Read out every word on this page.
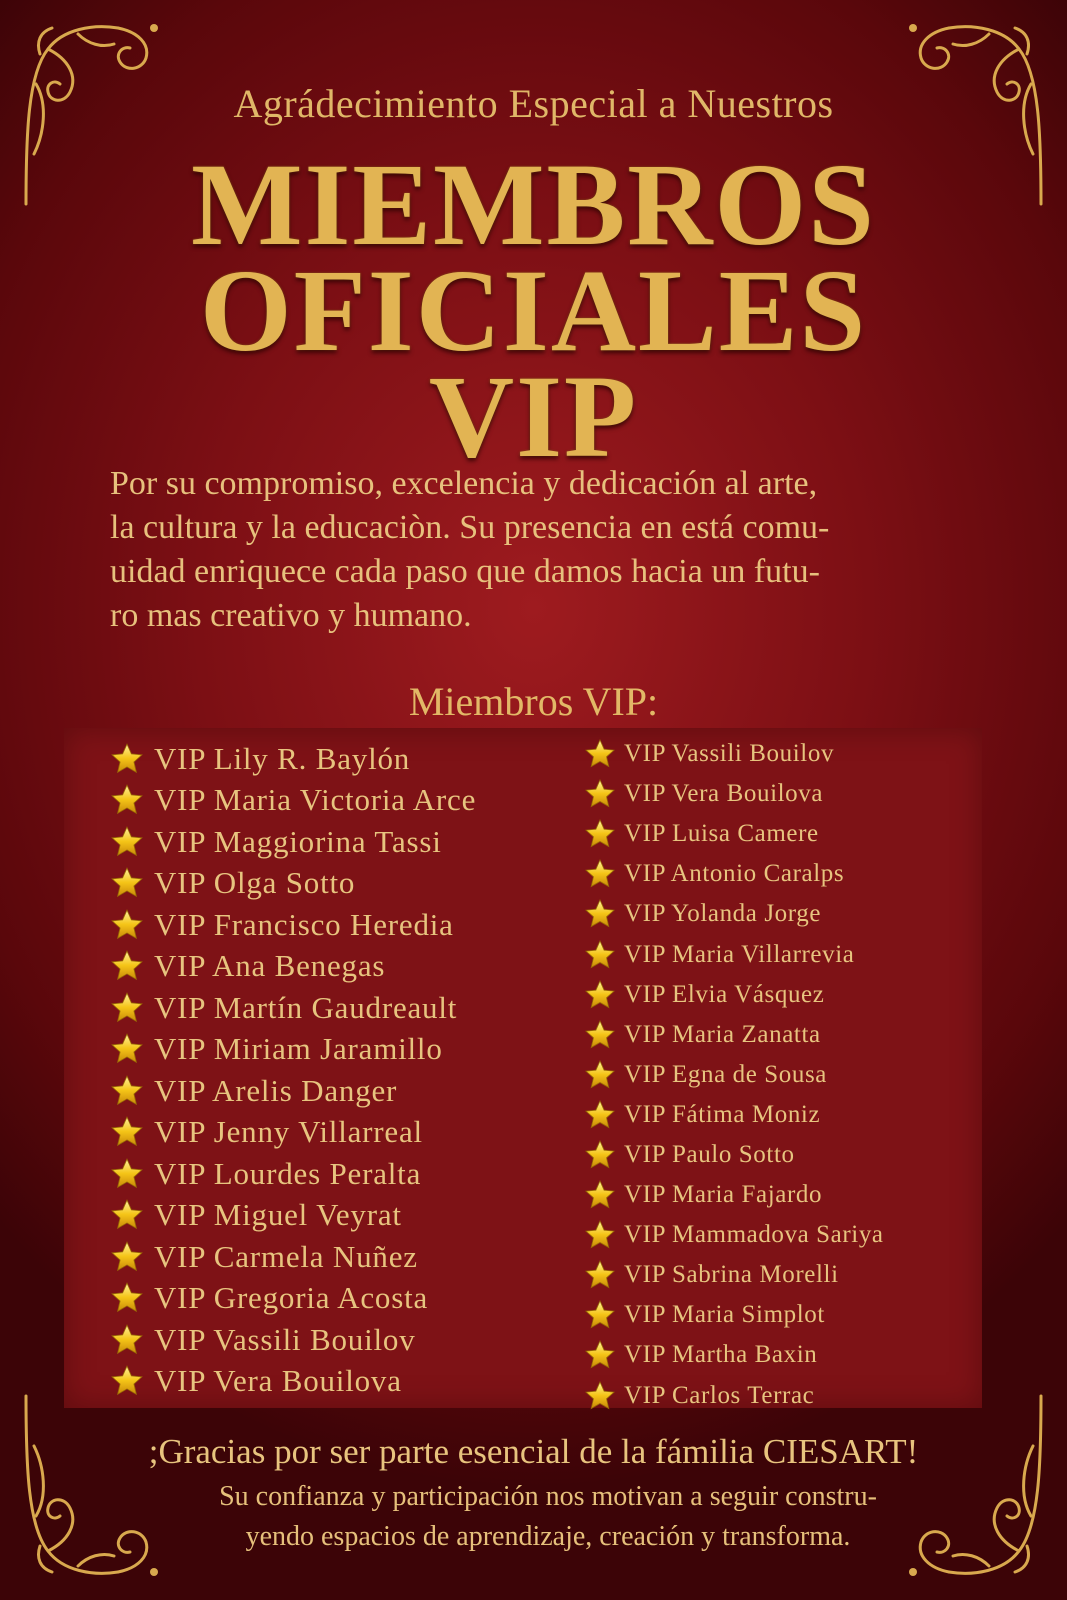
Agrádecimiento Especial a Nuestros
MIEMBROS
OFICIALES
VIP
Por su compromiso, excelencia y dedicación al arte,
la cultura y la educaciòn. Su presencia en está comu-
uidad enriquece cada paso que damos hacia un futu-
ro mas creativo y humano.
Miembros VIP:
VIP Lily R. Baylón
VIP Maria Victoria Arce
VIP Maggiorina Tassi
VIP Olga Sotto
VIP Francisco Heredia
VIP Ana Benegas
VIP Martín Gaudreault
VIP Miriam Jaramillo
VIP Arelis Danger
VIP Jenny Villarreal
VIP Lourdes Peralta
VIP Miguel Veyrat
VIP Carmela Nuñez
VIP Gregoria Acosta
VIP Vassili Bouilov
VIP Vera Bouilova
VIP Vassili Bouilov
VIP Vera Bouilova
VIP Luisa Camere
VIP Antonio Caralps
VIP Yolanda Jorge
VIP Maria Villarrevia
VIP Elvia Vásquez
VIP Maria Zanatta
VIP Egna de Sousa
VIP Fátima Moniz
VIP Paulo Sotto
VIP Maria Fajardo
VIP Mammadova Sariya
VIP Sabrina Morelli
VIP Maria Simplot
VIP Martha Baxin
VIP Carlos Terrac
;Gracias por ser parte esencial de la fámilia CIESART!
Su confianza y participación nos motivan a seguir constru-
yendo espacios de aprendizaje, creación y transforma.
